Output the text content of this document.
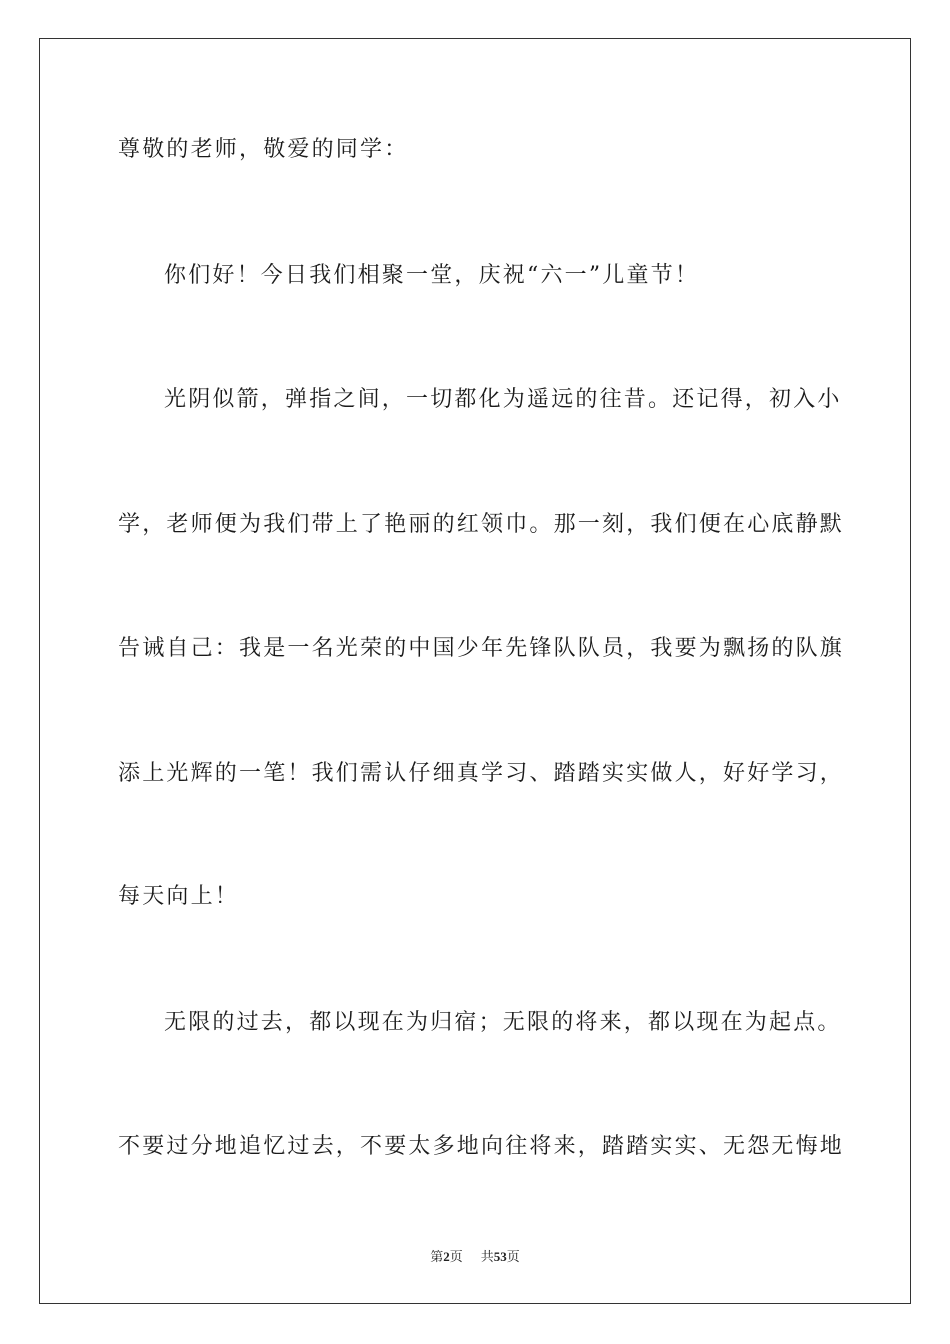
尊敬的老师，敬爱的同学：
你们好！今日我们相聚一堂，庆祝“六一”儿童节！
光阴似箭，弹指之间，一切都化为遥远的往昔。还记得，初入小
学，老师便为我们带上了艳丽的红领巾。那一刻，我们便在心底静默
告诫自己：我是一名光荣的中国少年先锋队队员，我要为飘扬的队旗
添上光辉的一笔！我们需认仔细真学习、踏踏实实做人，好好学习，
每天向上！
无限的过去，都以现在为归宿；无限的将来，都以现在为起点。
不要过分地追忆过去，不要太多地向往将来，踏踏实实、无怨无悔地
第2页 共53页
